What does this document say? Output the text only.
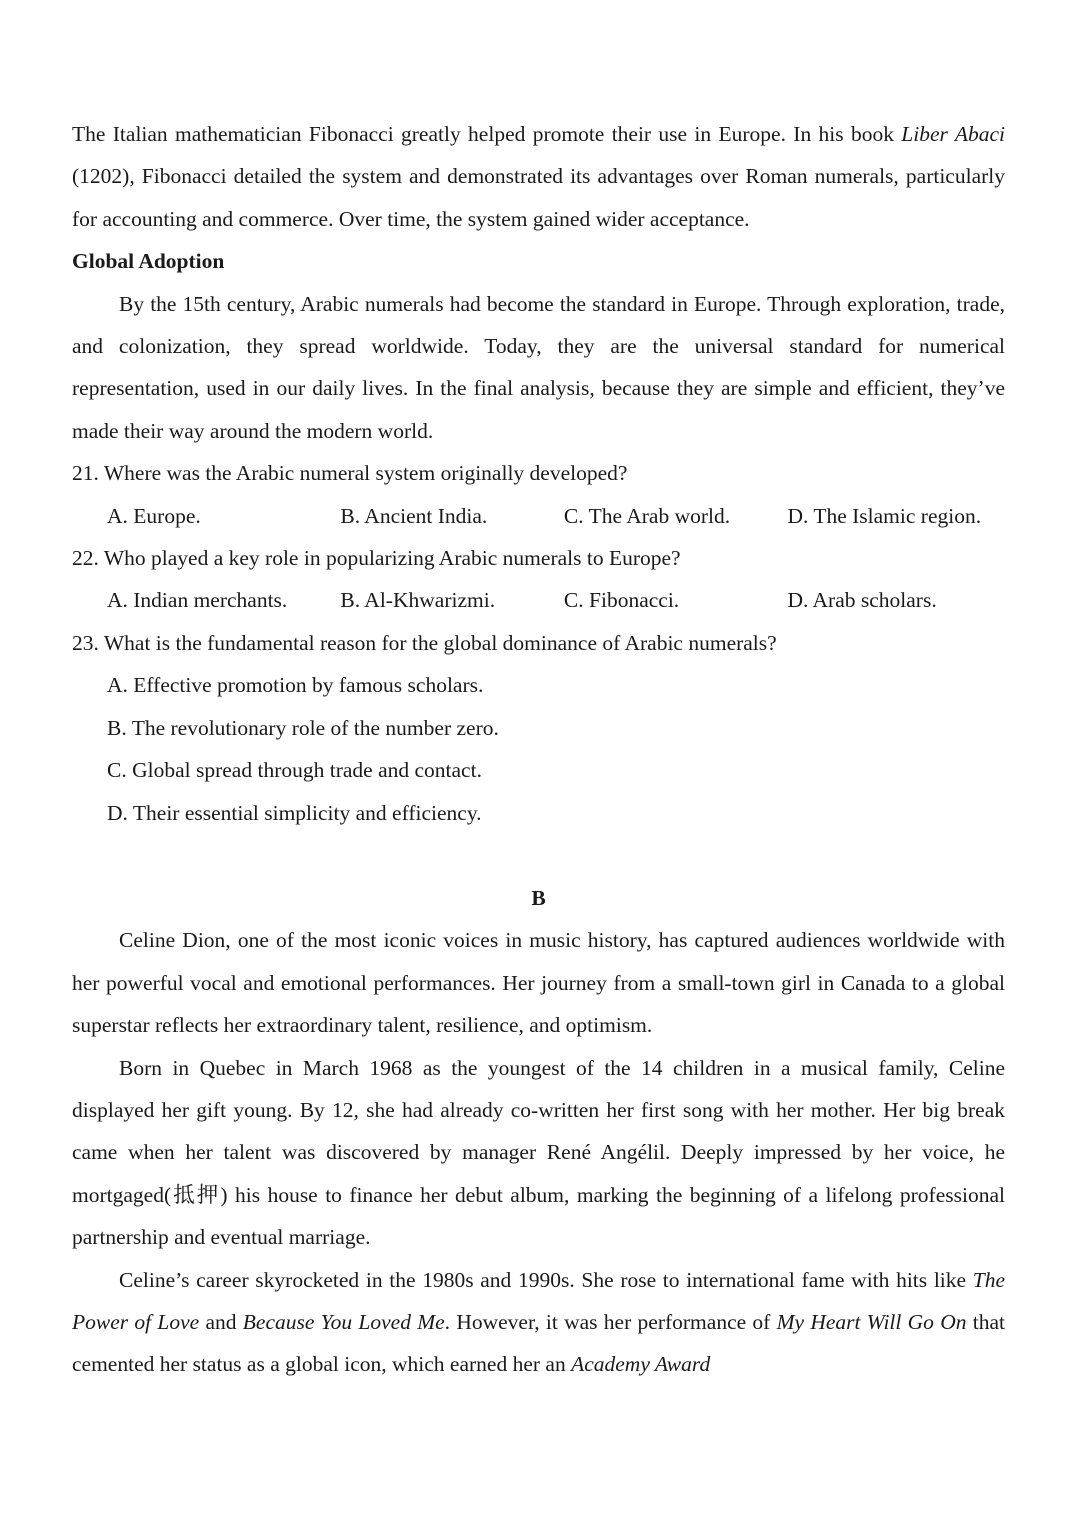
The Italian mathematician Fibonacci greatly helped promote their use in Europe. In his book Liber Abaci (1202), Fibonacci detailed the system and demonstrated its advantages over Roman numerals, particularly for accounting and commerce. Over time, the system gained wider acceptance.

Global Adoption

By the 15th century, Arabic numerals had become the standard in Europe. Through exploration, trade, and colonization, they spread worldwide. Today, they are the universal standard for numerical representation, used in our daily lives. In the final analysis, because they are simple and efficient, they’ve made their way around the modern world.

21. Where was the Arabic numeral system originally developed?

A. Europe.	B. Ancient India.	C. The Arab world.	D. The Islamic region.

22. Who played a key role in popularizing Arabic numerals to Europe?

A. Indian merchants.	B. Al-Khwarizmi.	C. Fibonacci.	D. Arab scholars.

23. What is the fundamental reason for the global dominance of Arabic numerals?

A. Effective promotion by famous scholars.

B. The revolutionary role of the number zero.

C. Global spread through trade and contact.

D. Their essential simplicity and efficiency.

B

Celine Dion, one of the most iconic voices in music history, has captured audiences worldwide with her powerful vocal and emotional performances. Her journey from a small-town girl in Canada to a global superstar reflects her extraordinary talent, resilience, and optimism.

Born in Quebec in March 1968 as the youngest of the 14 children in a musical family, Celine displayed her gift young. By 12, she had already co-written her first song with her mother. Her big break came when her talent was discovered by manager René Angélil. Deeply impressed by her voice, he mortgaged(抵押) his house to finance her debut album, marking the beginning of a lifelong professional partnership and eventual marriage.

Celine’s career skyrocketed in the 1980s and 1990s. She rose to international fame with hits like The Power of Love and Because You Loved Me. However, it was her performance of My Heart Will Go On that cemented her status as a global icon, which earned her an Academy Award
